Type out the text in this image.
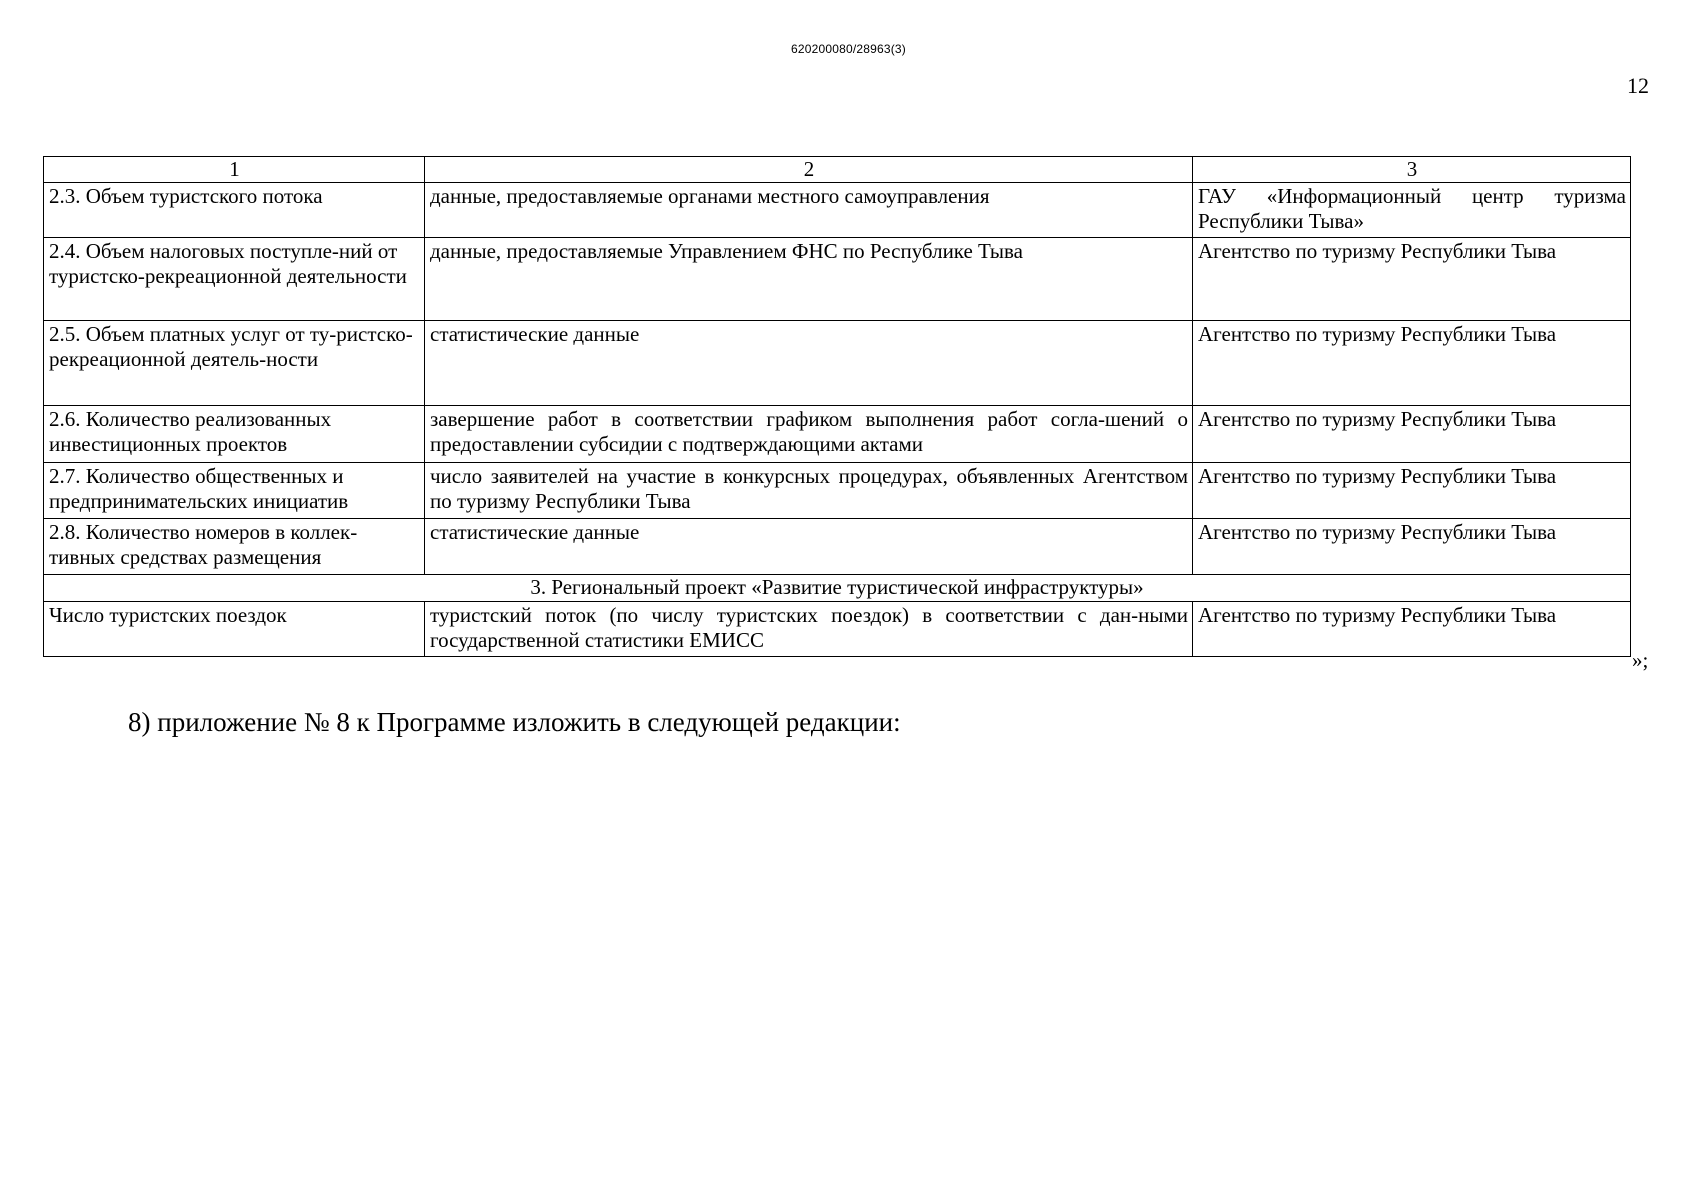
620200080/28963(3)
12
1	2	3
2.3. Объем туристского потока	данные, предоставляемые органами местного самоуправления	ГАУ «Информационный центр туризма Республики Тыва»
2.4. Объем налоговых поступле-ний от туристско-рекреационной деятельности	данные, предоставляемые Управлением ФНС по Республике Тыва	Агентство по туризму Республики Тыва
2.5. Объем платных услуг от ту-ристско-рекреационной деятель-ности	статистические данные	Агентство по туризму Республики Тыва
2.6. Количество реализованных инвестиционных проектов	завершение работ в соответствии графиком выполнения работ согла-шений о предоставлении субсидии с подтверждающими актами	Агентство по туризму Республики Тыва
2.7. Количество общественных и предпринимательских инициатив	число заявителей на участие в конкурсных процедурах, объявленных Агентством по туризму Республики Тыва	Агентство по туризму Республики Тыва
2.8. Количество номеров в коллек-тивных средствах размещения	статистические данные	Агентство по туризму Республики Тыва
3. Региональный проект «Развитие туристической инфраструктуры»		
Число туристских поездок	туристский поток (по числу туристских поездок) в соответствии с дан-ными государственной статистики ЕМИСС	Агентство по туризму Республики Тыва
»;
8) приложение № 8 к Программе изложить в следующей редакции:
